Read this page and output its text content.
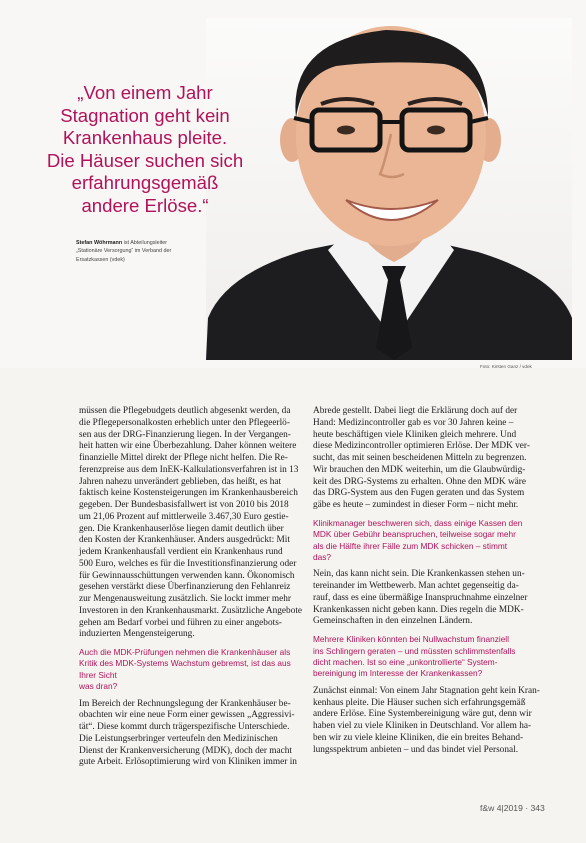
„Von einem Jahr
Stagnation geht kein
Krankenhaus pleite.
Die Häuser suchen sich
erfahrungsgemäß
andere Erlöse.“
Stefan Wöhrmann ist Abteilungsleiter
„Stationäre Versorgung“ im Verband der
Ersatzkassen (vdek)
Foto: Kirsten Ganz / vdek

müssen die Pflegebudgets deutlich abgesenkt werden, da

die Pflegepersonalkosten erheblich unter den Pflegeerlö-

sen aus der DRG-Finanzierung liegen. In der Vergangen-

heit hatten wir eine Überbezahlung. Daher können weitere

finanzielle Mittel direkt der Pflege nicht helfen. Die Re-

ferenzpreise aus dem InEK-Kalkulationsverfahren ist in 13

Jahren nahezu unverändert geblieben, das heißt, es hat

faktisch keine Kostensteigerungen im Krankenhausbereich

gegeben. Der Bundesbasisfallwert ist von 2010 bis 2018

um 21,06 Prozent auf mittlerweile 3.467,30 Euro gestie-

gen. Die Krankenhauserlöse liegen damit deutlich über

den Kosten der Krankenhäuser. Anders ausgedrückt: Mit

jedem Krankenhausfall verdient ein Krankenhaus rund

500 Euro, welches es für die Investitionsfinanzierung oder

für Gewinnausschüttungen verwenden kann. Ökonomisch

gesehen verstärkt diese Überfinanzierung den Fehlanreiz

zur Mengenausweitung zusätzlich. Sie lockt immer mehr

Investoren in den Krankenhausmarkt. Zusätzliche Angebote

gehen am Bedarf vorbei und führen zu einer angebots-

induzierten Mengensteigerung.

Auch die MDK-Prüfungen nehmen die Krankenhäuser als
Kritik des MDK-Systems Wachstum gebremst, ist das aus Ihrer Sicht
was dran?

Im Bereich der Rechnungslegung der Krankenhäuser be-

obachten wir eine neue Form einer gewissen „Aggressivi-

tät“. Diese kommt durch trägerspezifische Unterschiede.

Die Leistungserbringer verteufeln den Medizinischen

Dienst der Krankenversicherung (MDK), doch der macht

gute Arbeit. Erlösoptimierung wird von Kliniken immer in

Abrede gestellt. Dabei liegt die Erklärung doch auf der

Hand: Medizincontroller gab es vor 30 Jahren keine –

heute beschäftigen viele Kliniken gleich mehrere. Und

diese Medizincontroller optimieren Erlöse. Der MDK ver-

sucht, das mit seinen bescheidenen Mitteln zu begrenzen.

Wir brauchen den MDK weiterhin, um die Glaubwürdig-

keit des DRG-Systems zu erhalten. Ohne den MDK wäre

das DRG-System aus den Fugen geraten und das System

gäbe es heute – zumindest in dieser Form – nicht mehr.

Klinikmanager beschweren sich, dass einige Kassen den
MDK über Gebühr beanspruchen, teilweise sogar mehr
als die Hälfte ihrer Fälle zum MDK schicken – stimmt
das?

Nein, das kann nicht sein. Die Krankenkassen stehen un-

tereinander im Wettbewerb. Man achtet gegenseitig da-

rauf, dass es eine übermäßige Inanspruchnahme einzelner

Krankenkassen nicht geben kann. Dies regeln die MDK-

Gemeinschaften in den einzelnen Ländern.

Mehrere Kliniken könnten bei Nullwachstum finanziell
ins Schlingern geraten – und müssten schlimmstenfalls
dicht machen. Ist so eine „unkontrollierte“ System-
bereinigung im Interesse der Krankenkassen?

Zunächst einmal: Von einem Jahr Stagnation geht kein Kran-

kenhaus pleite. Die Häuser suchen sich erfahrungsgemäß

andere Erlöse. Eine Systembereinigung wäre gut, denn wir

haben viel zu viele Kliniken in Deutschland. Vor allem ha-

ben wir zu viele kleine Kliniken, die ein breites Behand-

lungsspektrum anbieten – und das bindet viel Personal.

f&w 4|2019 · 343
